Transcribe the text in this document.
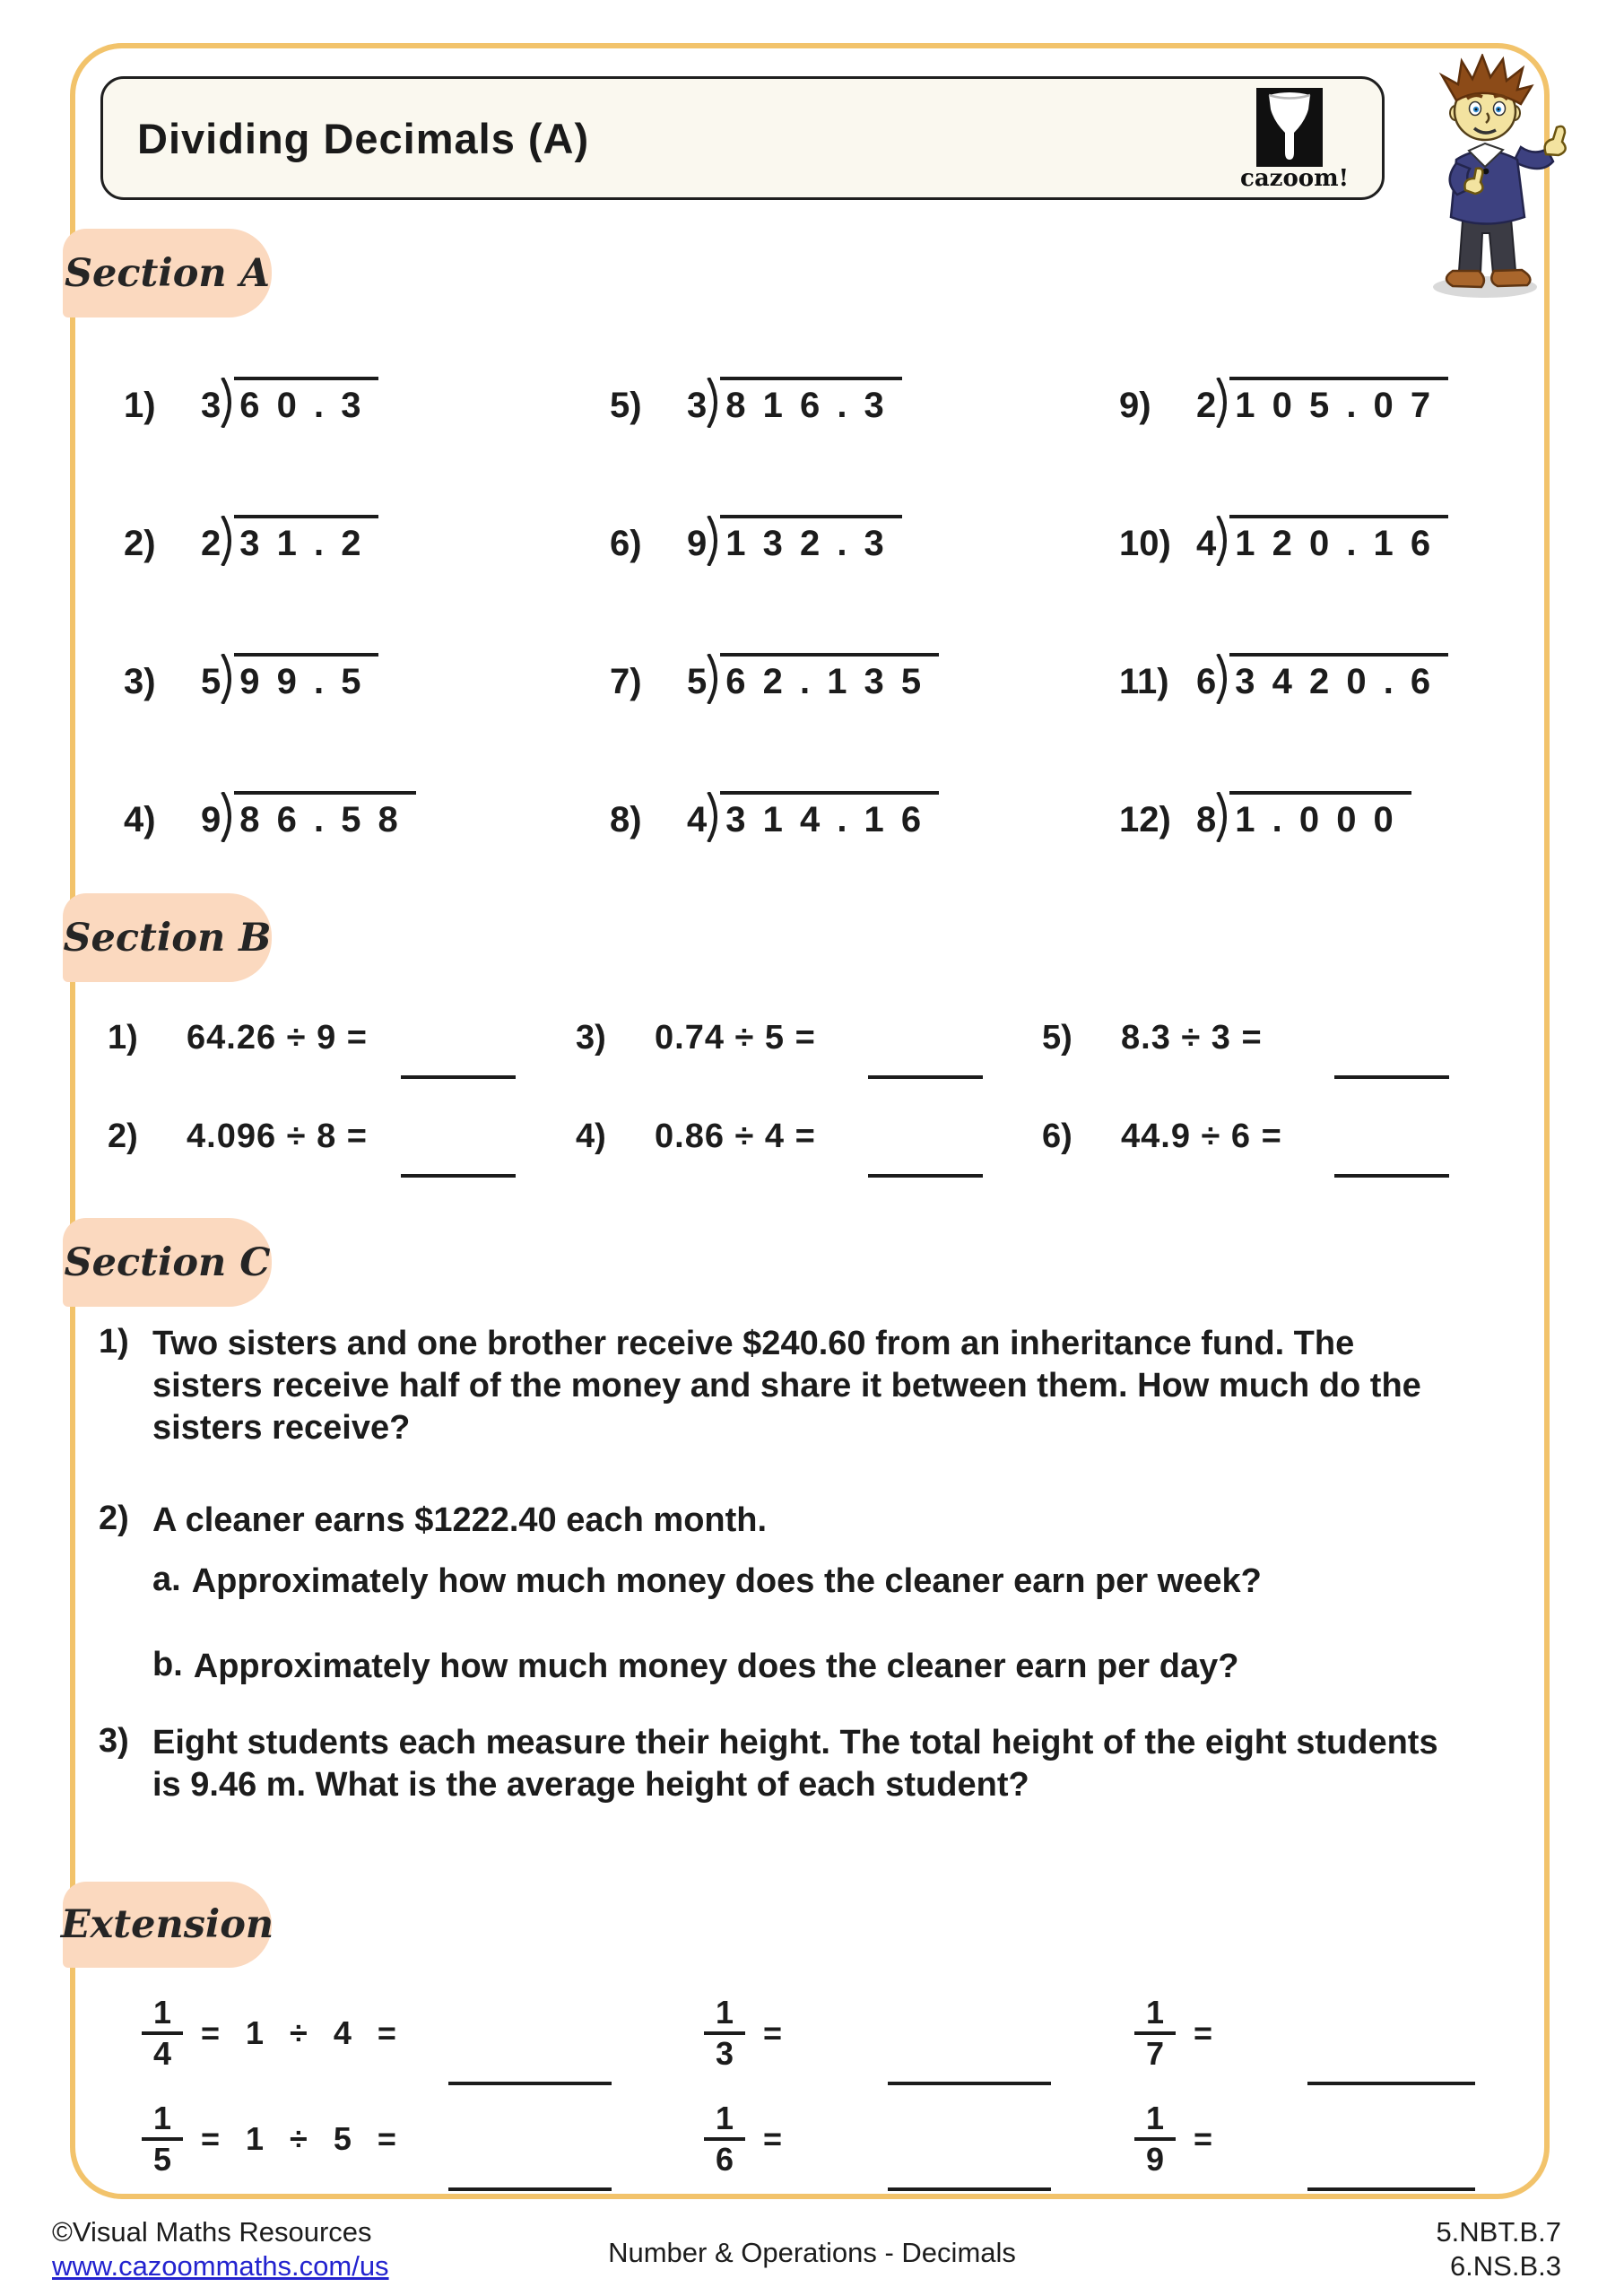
Dividing Decimals (A)
cazoom!
Section A
1)	3 6 0 . 3
2)	2 3 1 . 2
3)	5 9 9 . 5
4)	9 8 6 . 5 8
5)	3 8 1 6 . 3
6)	9 1 3 2 . 3
7)	5 6 2 . 1 3 5
8)	4 3 1 4 . 1 6
9)	2 1 0 5 . 0 7
10) 4 1 2 0 . 1 6
11) 6 3 4 2 0 . 6
12) 8 1 . 0 0 0
Section B
1)	64.26 ÷ 9 =
2)	4.096 ÷ 8 =
3)	0.74 ÷ 5 =
4)	0.86 ÷ 4 =
5)	8.3 ÷ 3 =
6)	44.9 ÷ 6 =
Section C
1) Two sisters and one brother receive $240.60 from an inheritance fund. The sisters receive half of the money and share it between them. How much do the sisters receive?
2) A cleaner earns $1222.40 each month.
a. Approximately how much money does the cleaner earn per week?
b. Approximately how much money does the cleaner earn per day?
3) Eight students each measure their height. The total height of the eight students is 9.46 m. What is the average height of each student?
Extension
$\frac{1}{4} = 1 \div 4$  =
$\frac{1}{5} = 1 \div 5$  =
$\frac{1}{3}$ =
$\frac{1}{6}$ =
$\frac{1}{7}$ =
$\frac{1}{9}$ =
©Visual Maths Resources
www.cazoommaths.com/us	Number & Operations - Decimals
5.NBT.B.7
6.NS.B.3
